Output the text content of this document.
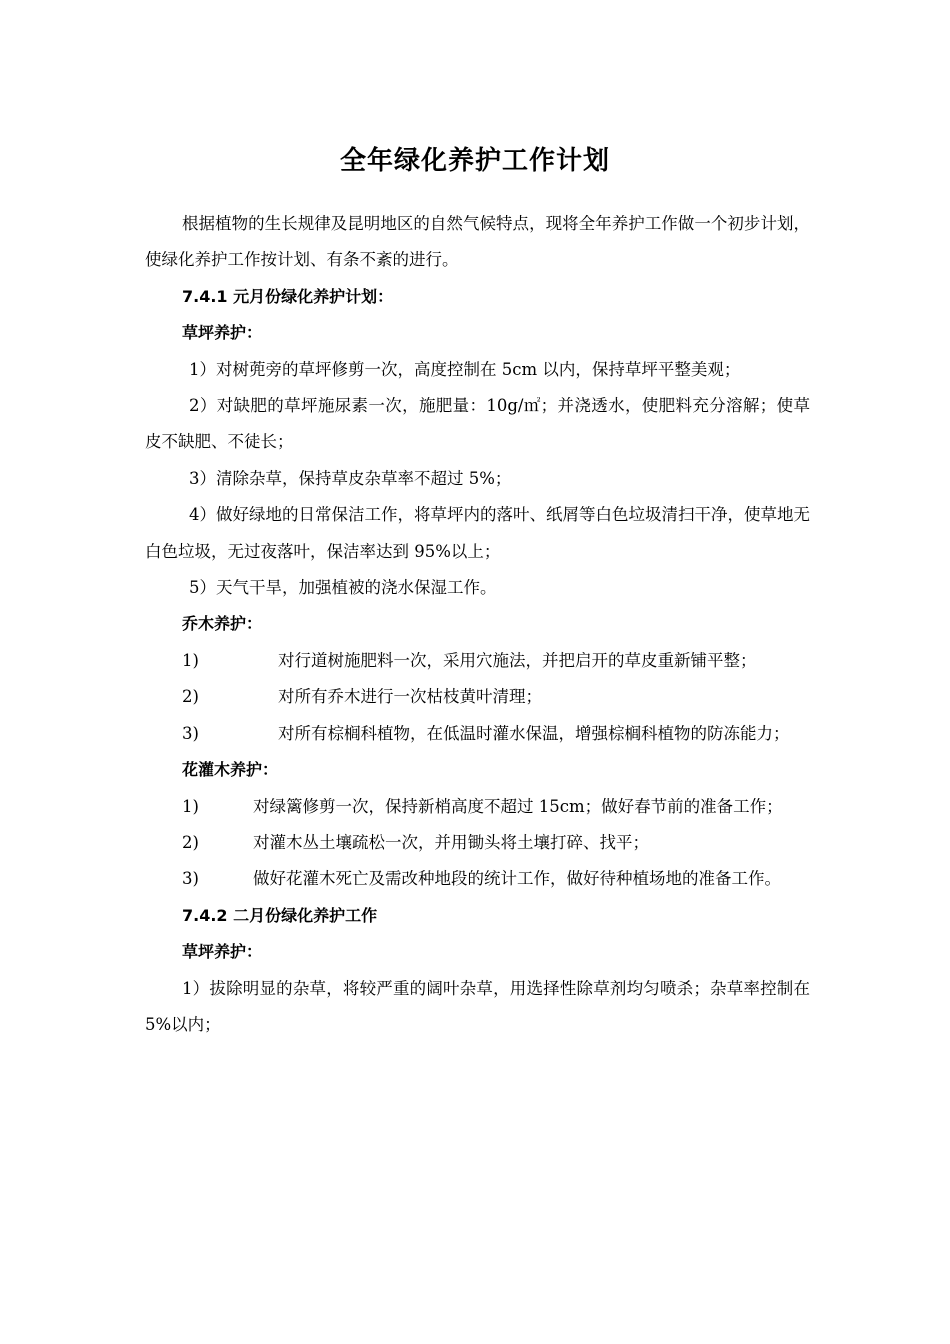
全年绿化养护工作计划

根据植物的生长规律及昆明地区的自然气候特点，现将全年养护工作做一个初步计划，使绿化养护工作按计划、有条不紊的进行。

7.4.1 元月份绿化养护计划：

草坪养护：

1）对树蔸旁的草坪修剪一次，高度控制在 5cm 以内，保持草坪平整美观；

2）对缺肥的草坪施尿素一次，施肥量：10g/㎡；并浇透水，使肥料充分溶解；使草皮不缺肥、不徒长；

3）清除杂草，保持草皮杂草率不超过 5%；

4）做好绿地的日常保洁工作，将草坪内的落叶、纸屑等白色垃圾清扫干净，使草地无白色垃圾，无过夜落叶，保洁率达到 95%以上；

5）天气干旱，加强植被的浇水保湿工作。

乔木养护：

1)	对行道树施肥料一次，采用穴施法，并把启开的草皮重新铺平整；

2)	对所有乔木进行一次枯枝黄叶清理；

3)	对所有棕榈科植物，在低温时灌水保温，增强棕榈科植物的防冻能力；

花灌木养护：

1)	对绿篱修剪一次，保持新梢高度不超过 15cm；做好春节前的准备工作；

2)	对灌木丛土壤疏松一次，并用锄头将土壤打碎、找平；

3)	做好花灌木死亡及需改种地段的统计工作，做好待种植场地的准备工作。

7.4.2 二月份绿化养护工作

草坪养护：

1）拔除明显的杂草，将较严重的阔叶杂草，用选择性除草剂均匀喷杀；杂草率控制在 5%以内；
